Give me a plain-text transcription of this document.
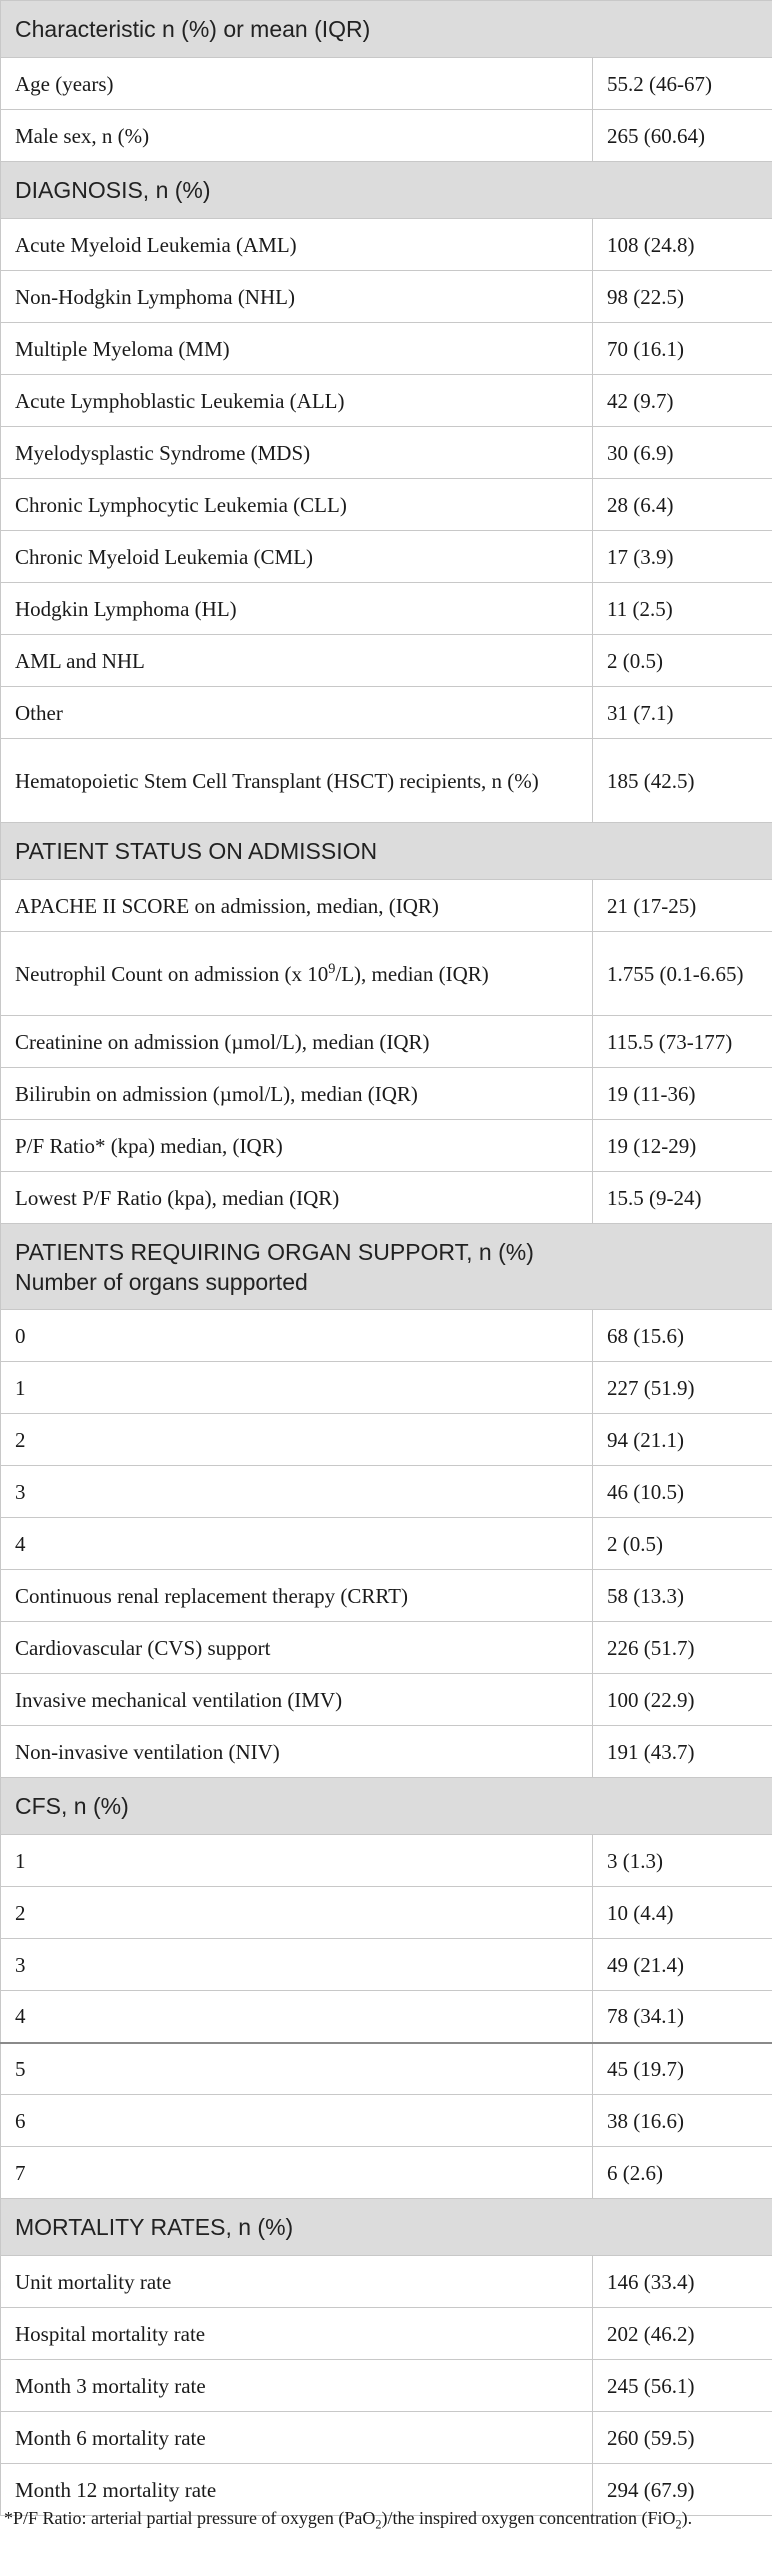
Characteristic n (%) or mean (IQR)	
Age (years)	55.2 (46-67)
Male sex, n (%)	265 (60.64)
DIAGNOSIS, n (%)	
Acute Myeloid Leukemia (AML)	108 (24.8)
Non-Hodgkin Lymphoma (NHL)	98 (22.5)
Multiple Myeloma (MM)	70 (16.1)
Acute Lymphoblastic Leukemia (ALL)	42 (9.7)
Myelodysplastic Syndrome (MDS)	30 (6.9)
Chronic Lymphocytic Leukemia (CLL)	28 (6.4)
Chronic Myeloid Leukemia (CML)	17 (3.9)
Hodgkin Lymphoma (HL)	11 (2.5)
AML and NHL	2 (0.5)
Other	31 (7.1)
Hematopoietic Stem Cell Transplant (HSCT) recipients, n (%)	185 (42.5)
PATIENT STATUS ON ADMISSION	
APACHE II SCORE on admission, median, (IQR)	21 (17-25)
Neutrophil Count on admission (x $10^9/L$), median (IQR)	1.755 (0.1-6.65)
Creatinine on admission (µmol/L), median (IQR)	115.5 (73-177)
Bilirubin on admission (µmol/L), median (IQR)	19 (11-36)
P/F Ratio* (kpa) median, (IQR)	19 (12-29)
Lowest P/F Ratio (kpa), median (IQR)	15.5 (9-24)

PATIENTS REQUIRING ORGAN SUPPORT, n (%)
Number of organs supported	

0	68 (15.6)
1	227 (51.9)
2	94 (21.1)
3	46 (10.5)
4	2 (0.5)
Continuous renal replacement therapy (CRRT)	58 (13.3)
Cardiovascular (CVS) support	226 (51.7)
Invasive mechanical ventilation (IMV)	100 (22.9)
Non-invasive ventilation (NIV)	191 (43.7)
CFS, n (%)	
1	3 (1.3)
2	10 (4.4)
3	49 (21.4)
4	78 (34.1)
5	45 (19.7)
6	38 (16.6)
7	6 (2.6)
MORTALITY RATES, n (%)	
Unit mortality rate	146 (33.4)
Hospital mortality rate	202 (46.2)
Month 3 mortality rate	245 (56.1)
Month 6 mortality rate	260 (59.5)
Month 12 mortality rate	294 (67.9)
*P/F Ratio: arterial partial pressure of oxygen (PaO$_2$)/the inspired oxygen concentration (FiO$_2$).
